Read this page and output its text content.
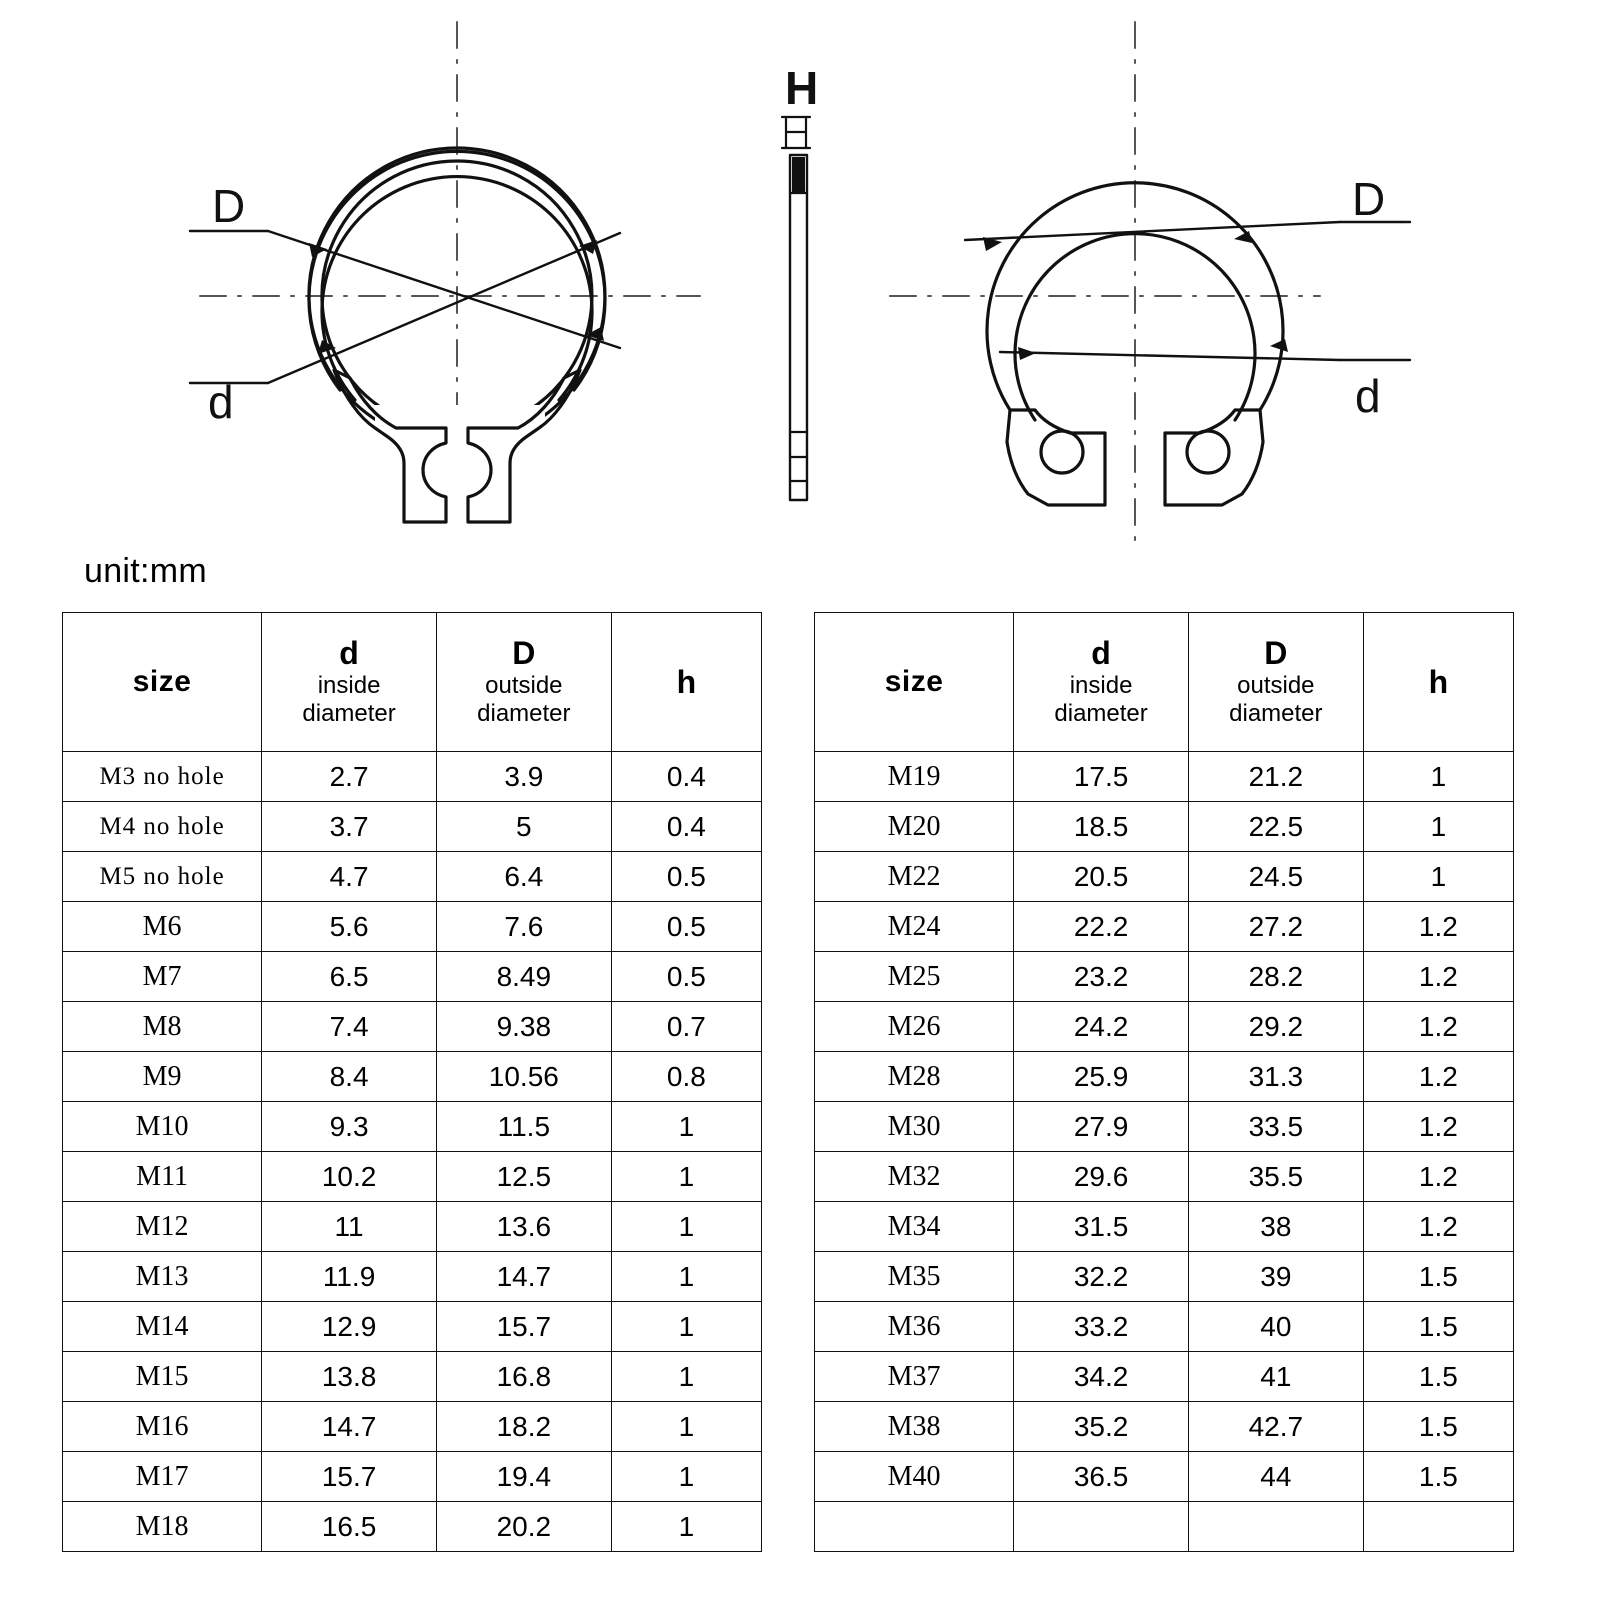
D
d
H
D
d
unit:mm
size	d
inside
diameter	D
outside
diameter	h
M3 no hole	2.7	3.9	0.4
M4 no hole	3.7	5	0.4
M5 no hole	4.7	6.4	0.5
M6	5.6	7.6	0.5
M7	6.5	8.49	0.5
M8	7.4	9.38	0.7
M9	8.4	10.56	0.8
M10	9.3	11.5	1
M11	10.2	12.5	1
M12	11	13.6	1
M13	11.9	14.7	1
M14	12.9	15.7	1
M15	13.8	16.8	1
M16	14.7	18.2	1
M17	15.7	19.4	1
M18	16.5	20.2	1
size	d
inside
diameter	D
outside
diameter	h
M19	17.5	21.2	1
M20	18.5	22.5	1
M22	20.5	24.5	1
M24	22.2	27.2	1.2
M25	23.2	28.2	1.2
M26	24.2	29.2	1.2
M28	25.9	31.3	1.2
M30	27.9	33.5	1.2
M32	29.6	35.5	1.2
M34	31.5	38	1.2
M35	32.2	39	1.5
M36	33.2	40	1.5
M37	34.2	41	1.5
M38	35.2	42.7	1.5
M40	36.5	44	1.5
